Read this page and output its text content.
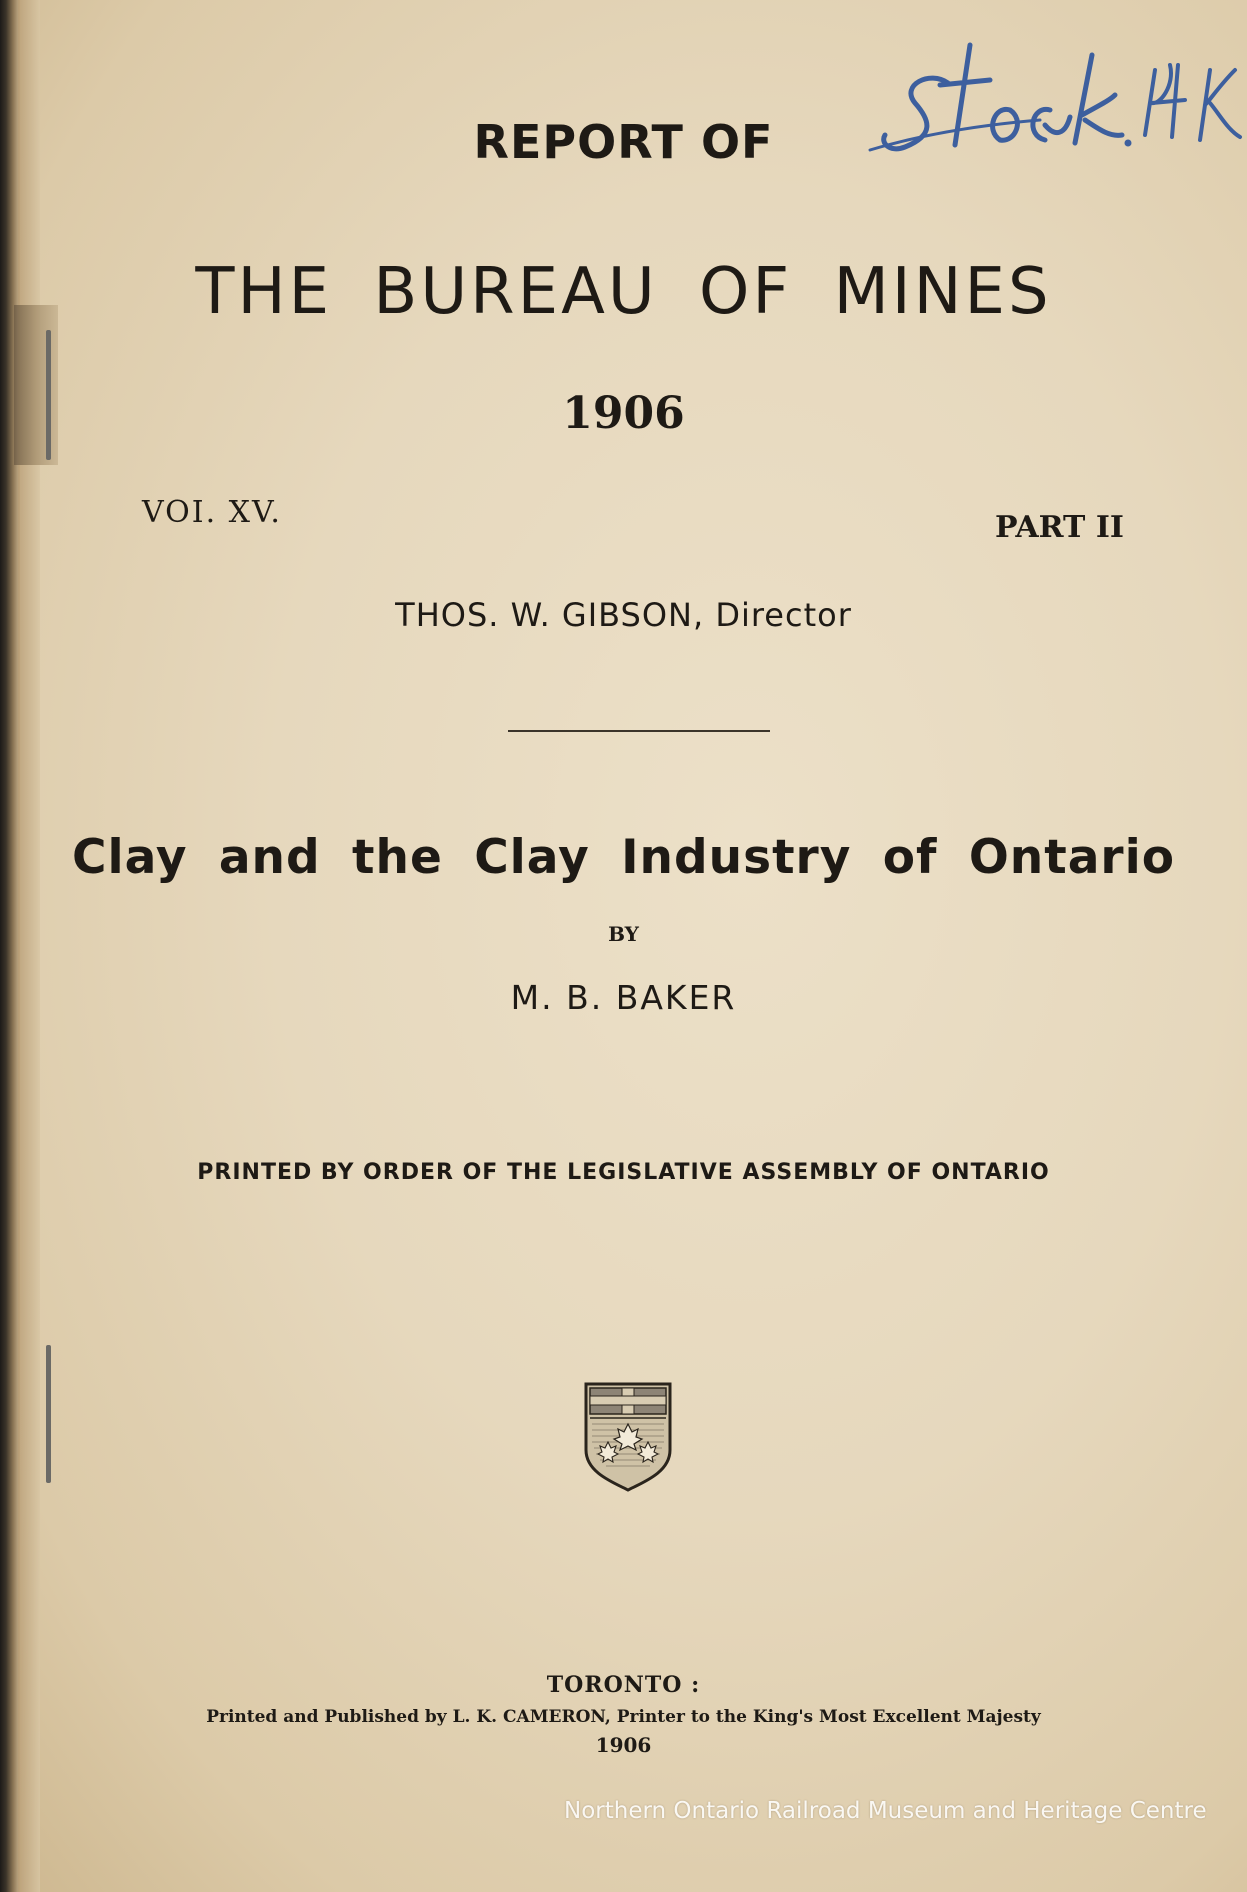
REPORT OF
THE BUREAU OF MINES
1906
VOI. XV.	PART II
THOS. W. GIBSON, Director
Clay and the Clay Industry of Ontario
BY
M. B. BAKER
PRINTED BY ORDER OF THE LEGISLATIVE ASSEMBLY OF ONTARIO
TORONTO :
Printed and Published by L. K. CAMERON, Printer to the King's Most Excellent Majesty
1906
Northern Ontario Railroad Museum and Heritage Centre
